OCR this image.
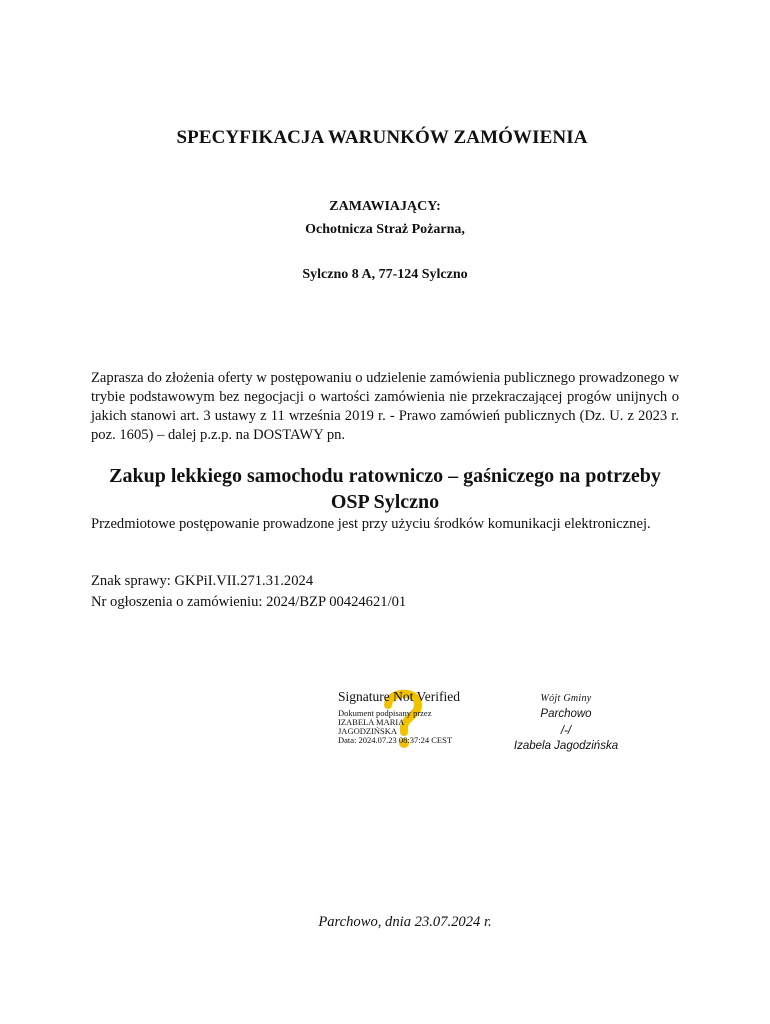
SPECYFIKACJA WARUNKÓW ZAMÓWIENIA
ZAMAWIAJĄCY:
Ochotnicza Straż Pożarna,
Sylczno 8 A, 77-124 Sylczno
Zaprasza do złożenia oferty w postępowaniu o udzielenie zamówienia publicznego prowadzonego w trybie podstawowym bez negocjacji o wartości zamówienia nie przekraczającej progów unijnych o jakich stanowi art. 3 ustawy z 11 września 2019 r. - Prawo zamówień publicznych (Dz. U. z 2023 r. poz. 1605) – dalej p.z.p. na DOSTAWY pn.
Zakup lekkiego samochodu ratowniczo – gaśniczego na potrzeby OSP Sylczno
Przedmiotowe postępowanie prowadzone jest przy użyciu środków komunikacji elektronicznej.
Znak sprawy: GKPiI.VII.271.31.2024
Nr ogłoszenia o zamówieniu: 2024/BZP 00424621/01
Signature Not Verified
Dokument podpisany przez
IZABELA MARIA
JAGODZIŃSKA
Data: 2024.07.23 08:37:24 CEST
Wójt Gminy
Parchowo
/-/
Izabela Jagodzińska
Parchowo, dnia 23.07.2024 r.
